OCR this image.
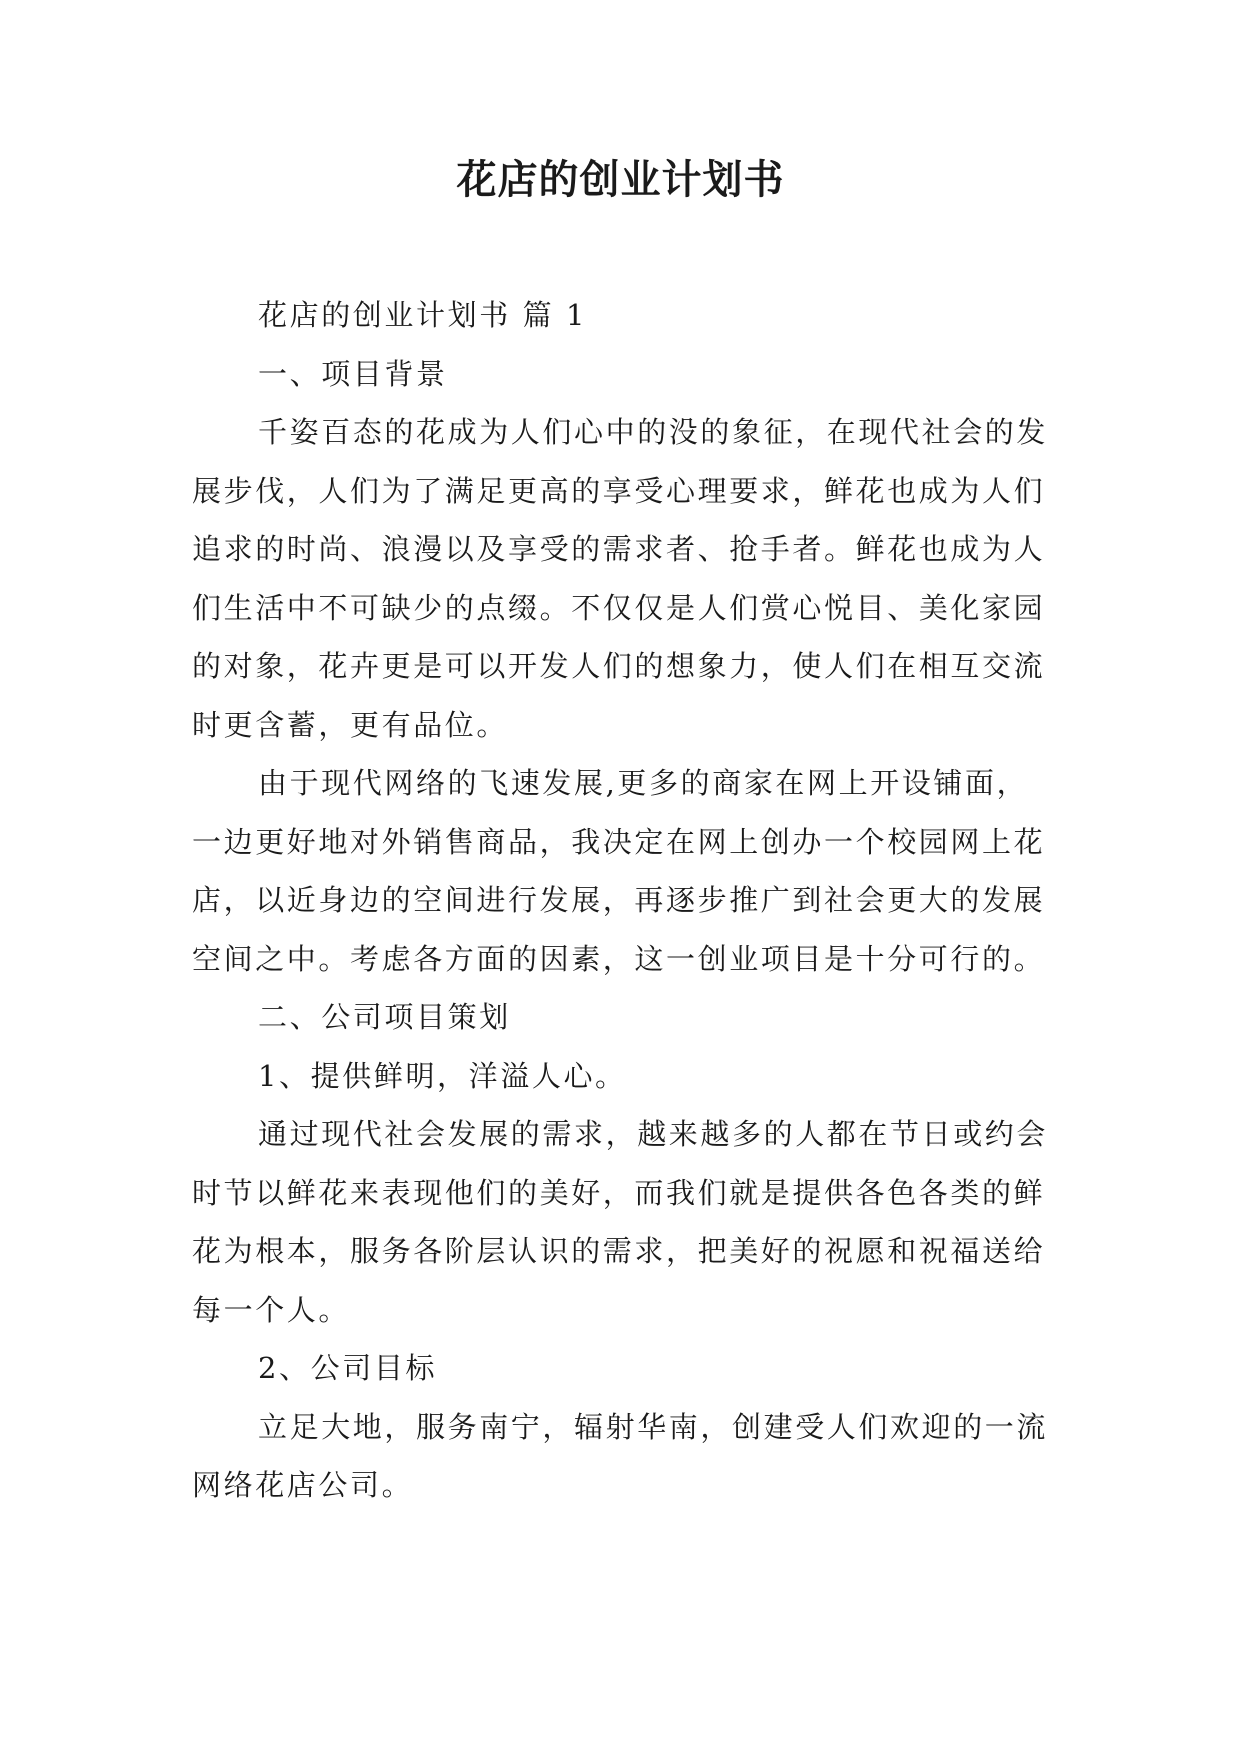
花店的创业计划书

花店的创业计划书 篇 1

一、项目背景

千姿百态的花成为人们心中的没的象征，在现代社会的发展步伐，人们为了满足更高的享受心理要求，鲜花也成为人们追求的时尚、浪漫以及享受的需求者、抢手者。鲜花也成为人们生活中不可缺少的点缀。不仅仅是人们赏心悦目、美化家园的对象，花卉更是可以开发人们的想象力，使人们在相互交流时更含蓄，更有品位。

由于现代网络的飞速发展,更多的商家在网上开设铺面，一边更好地对外销售商品，我决定在网上创办一个校园网上花店，以近身边的空间进行发展，再逐步推广到社会更大的发展空间之中。考虑各方面的因素，这一创业项目是十分可行的。

二、公司项目策划

1、提供鲜明，洋溢人心。

通过现代社会发展的需求，越来越多的人都在节日或约会时节以鲜花来表现他们的美好，而我们就是提供各色各类的鲜花为根本，服务各阶层认识的需求，把美好的祝愿和祝福送给每一个人。

2、公司目标

立足大地，服务南宁，辐射华南，创建受人们欢迎的一流网络花店公司。
